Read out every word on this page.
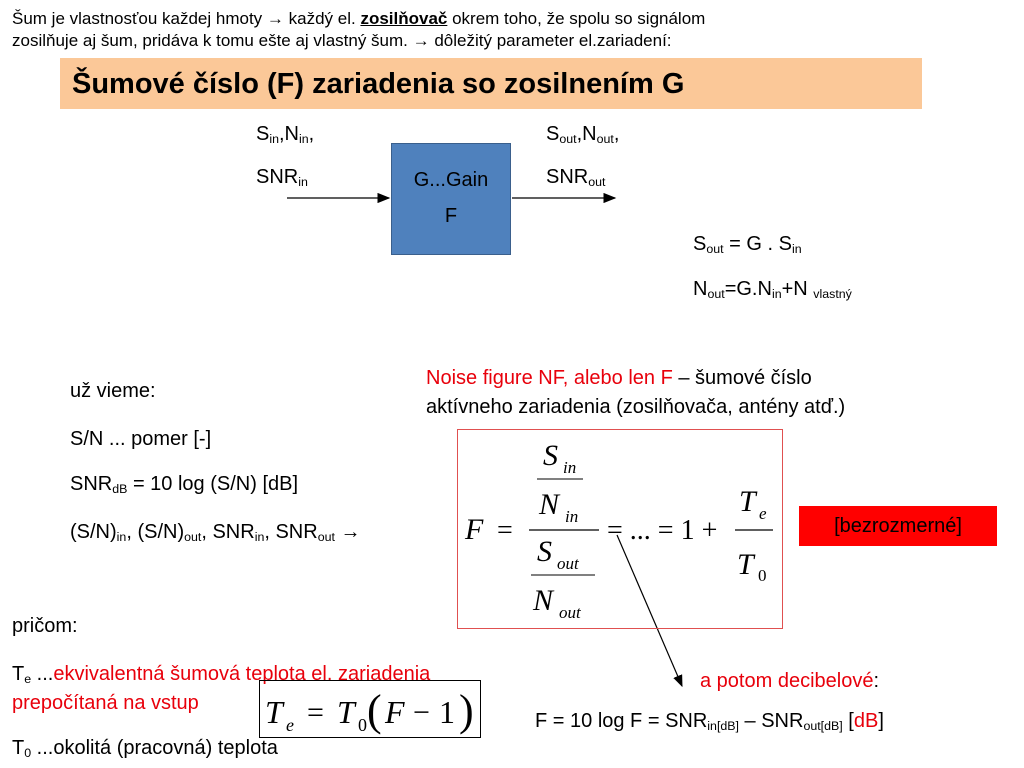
Šum je vlastnosťou každej hmoty → každý el. zosilňovač okrem toho, že spolu so signálom
zosilňuje aj šum, pridáva k tomu ešte aj vlastný šum. → dôležitý parameter el.zariadení:
Šumové číslo (F) zariadenia so zosilnením G
$S_{in},N_{in}$,
$SNR_{in}$
$S_{out},N_{out}$,
$SNR_{out}$
G...Gain
F
$S_{out} = G$ . $S_{in}$
$N_{out}=G.N_{in}+N$ $_{vlastný}$
Noise figure NF, alebo len F – šumové číslo
aktívneho zariadenia (zosilňovača, antény atď.)
už vieme:
S/N ... pomer [-]
$SNR_{dB} = 10$ log (S/N) [dB]
$(S/N)_{in}$, $(S/N)_{out}$, $SNR_{in}$, $SNR_{out}$ →	F =
S in
N in
S out
N out
= ... = 1 +
T e
T 0
[bezrozmerné]
pričom:
$T_e$ ...ekvivalentná šumová teplota el. zariadenia
prepočítaná na vstup
$T_0$ ...okolitá (pracovná) teplota
T e = T 0 ( F − 1 )
a potom decibelové:
F = 10 $\log F = SNR_{in[dB]} - SNR_{out[dB]}$ [dB]
